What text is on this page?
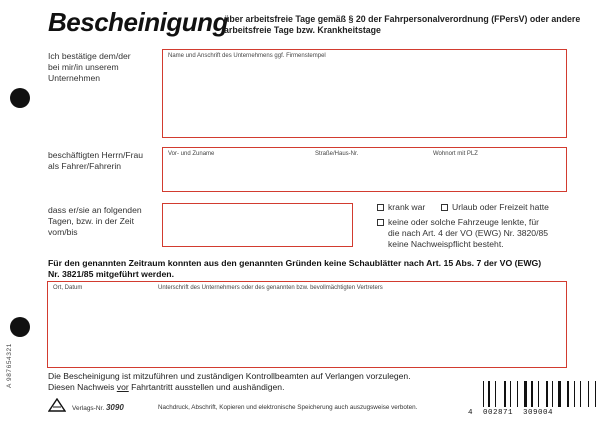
A 987654321
Bescheinigung
über arbeitsfreie Tage gemäß § 20 der Fahrpersonalverordnung (FPersV) oder andere
arbeitsfreie Tage bzw. Krankheitstage
Ich bestätige dem/der
bei mir/in unserem
Unternehmen
Name und Anschrift des Unternehmens ggf. Firmenstempel
beschäftigten Herrn/Frau
als Fahrer/Fahrerin
Vor- und Zuname	Straße/Haus-Nr.	Wohnort mit PLZ
dass er/sie an folgenden
Tagen, bzw. in der Zeit
vom/bis
krank war	Urlaub oder Freizeit hatte
keine oder solche Fahrzeuge lenkte, für
die nach Art. 4 der VO (EWG) Nr. 3820/85
keine Nachweispflicht besteht.
Für den genannten Zeitraum konnten aus den genannten Gründen keine Schaublätter nach Art. 15 Abs. 7 der VO (EWG)
Nr. 3821/85 mitgeführt werden.
Ort, Datum	Unterschrift des Unternehmers oder des genannten bzw. bevollmächtigten Vertreters
Die Bescheinigung ist mitzuführen und zuständigen Kontrollbeamten auf Verlangen vorzulegen.
Diesen Nachweis vor Fahrtantritt ausstellen und aushändigen.
Verlags-Nr. 3090	Nachdruck, Abschrift, Kopieren und elektronische Speicherung auch auszugsweise verboten.
4  002871  309004
